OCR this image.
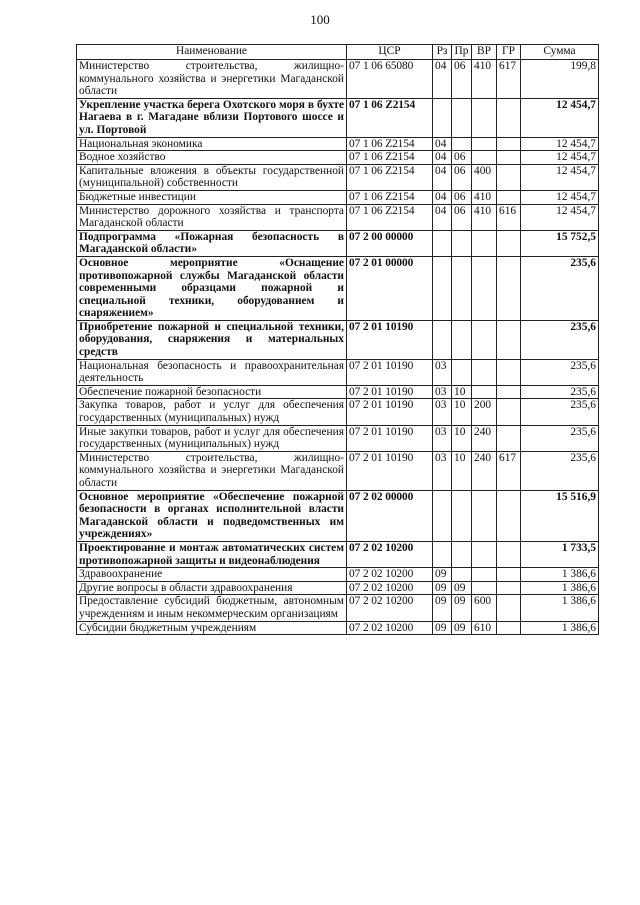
100
Наименование	ЦСР	Рз	Пр	ВР	ГР	Сумма
Министерство строительства, жилищно-коммунального хозяйства и энергетики Магаданской области	07 1 06 65080	04	06	410	617	199,8
Укрепление участка берега Охотского моря в бухте Нагаева в г. Магадане вблизи Портового шоссе и ул. Портовой	07 1 06 Z2154					12 454,7
Национальная экономика	07 1 06 Z2154	04				12 454,7
Водное хозяйство	07 1 06 Z2154	04	06			12 454,7
Капитальные вложения в объекты государственной (муниципальной) собственности	07 1 06 Z2154	04	06	400		12 454,7
Бюджетные инвестиции	07 1 06 Z2154	04	06	410		12 454,7
Министерство дорожного хозяйства и транспорта Магаданской области	07 1 06 Z2154	04	06	410	616	12 454,7
Подпрограмма «Пожарная безопасность в Магаданской области»	07 2 00 00000					15 752,5
Основное мероприятие «Оснащение противопожарной службы Магаданской области современными образцами пожарной и специальной техники, оборудованием и снаряжением»	07 2 01 00000					235,6
Приобретение пожарной и специальной техники, оборудования, снаряжения и материальных средств	07 2 01 10190					235,6
Национальная безопасность и правоохранительная деятельность	07 2 01 10190	03				235,6
Обеспечение пожарной безопасности	07 2 01 10190	03	10			235,6
Закупка товаров, работ и услуг для обеспечения государственных (муниципальных) нужд	07 2 01 10190	03	10	200		235,6
Иные закупки товаров, работ и услуг для обеспечения государственных (муниципальных) нужд	07 2 01 10190	03	10	240		235,6
Министерство строительства, жилищно-коммунального хозяйства и энергетики Магаданской области	07 2 01 10190	03	10	240	617	235,6
Основное мероприятие «Обеспечение пожарной безопасности в органах исполнительной власти Магаданской области и подведомственных им учреждениях»	07 2 02 00000					15 516,9
Проектирование и монтаж автоматических систем противопожарной защиты и видеонаблюдения	07 2 02 10200					1 733,5
Здравоохранение	07 2 02 10200	09				1 386,6
Другие вопросы в области здравоохранения	07 2 02 10200	09	09			1 386,6
Предоставление субсидий бюджетным, автономным учреждениям и иным некоммерческим организациям	07 2 02 10200	09	09	600		1 386,6
Субсидии бюджетным учреждениям	07 2 02 10200	09	09	610		1 386,6
